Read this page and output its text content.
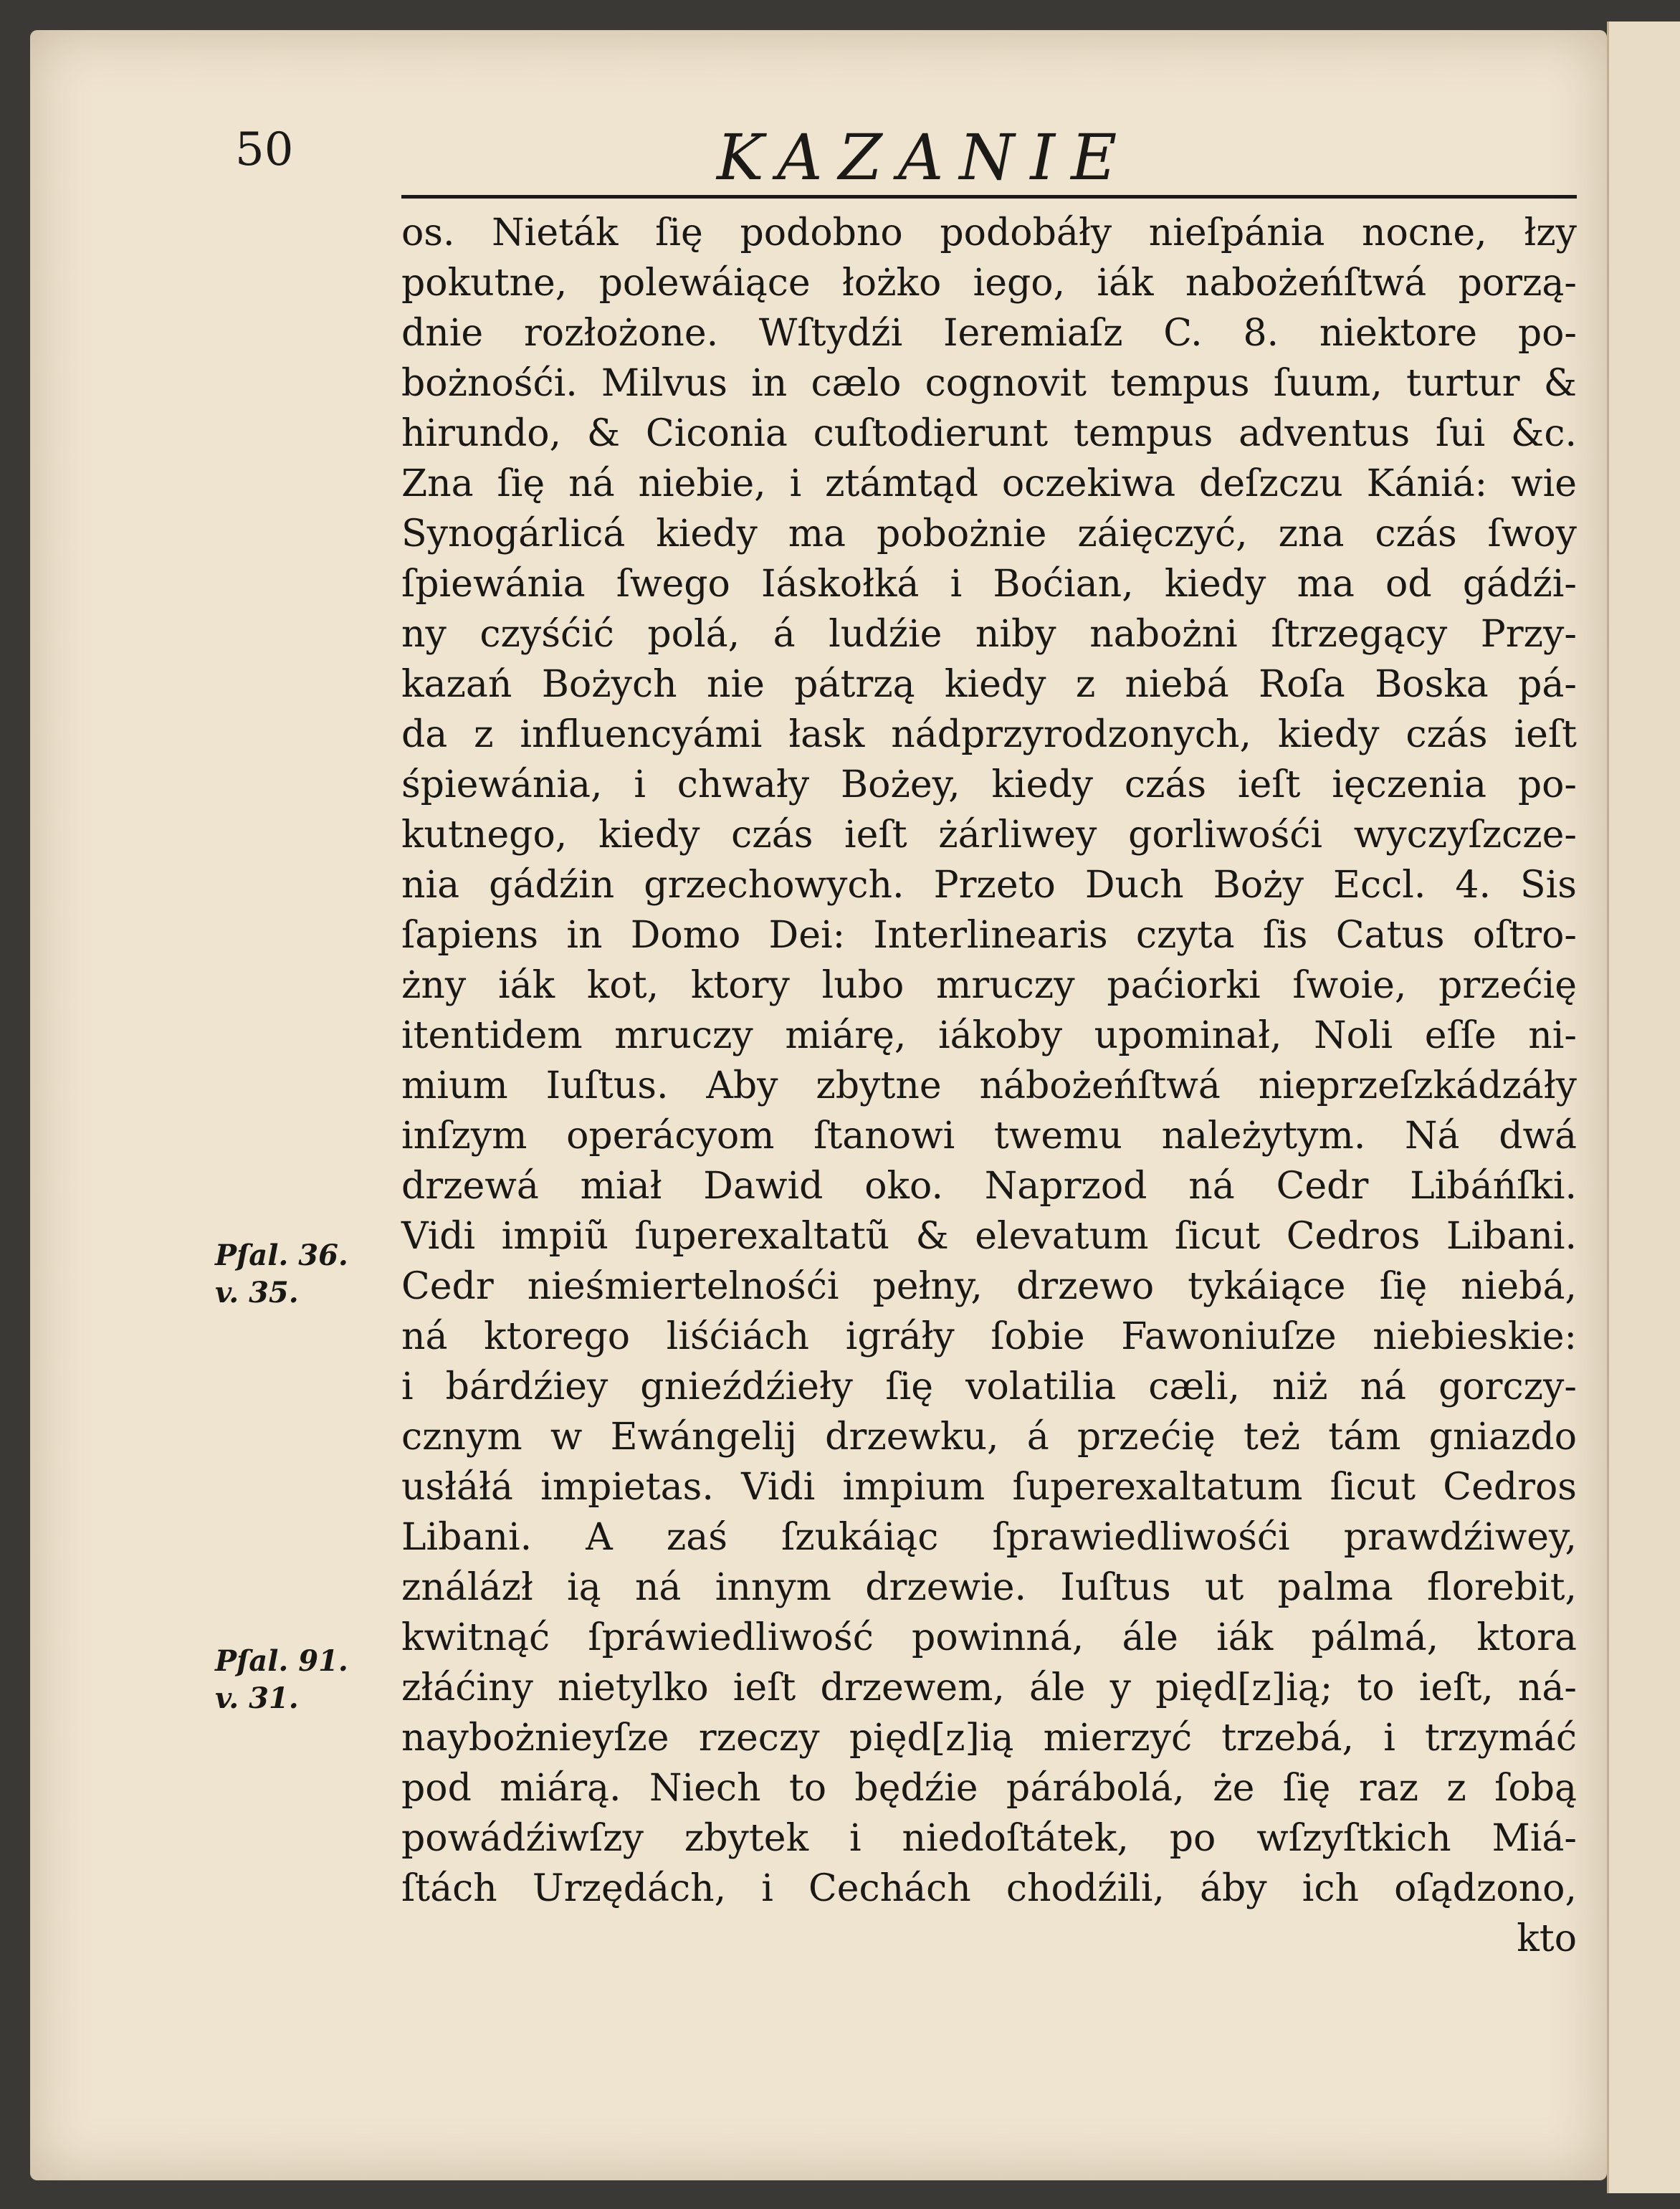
50	KAZANIE

os. Nieták ſię podobno podobáły nieſpánia nocne, łzy

pokutne, polewáiące łożko iego, iák nabożeńſtwá porzą-

dnie rozłożone. Wſtydźi Ieremiaſz C. 8. niektore po-

bożnośći. Milvus in cælo cognovit tempus ſuum, turtur &

hirundo, & Ciconia cuſtodierunt tempus adventus ſui &c.

Zna ſię ná niebie, i ztámtąd oczekiwa deſzczu Kániá: wie

Synogárlicá kiedy ma pobożnie záięczyć, zna czás ſwoy

ſpiewánia ſwego Iáskołká i Boćian, kiedy ma od gádźi-

ny czyśćić polá, á ludźie niby nabożni ſtrzegący Przy-

kazań Bożych nie pátrzą kiedy z niebá Roſa Boska pá-

da z influencyámi łask nádprzyrodzonych, kiedy czás ieſt

śpiewánia, i chwały Bożey, kiedy czás ieſt ięczenia po-

kutnego, kiedy czás ieſt żárliwey gorliwośći wyczyſzcze-

nia gádźin grzechowych. Przeto Duch Boży Eccl. 4. Sis

ſapiens in Domo Dei: Interlinearis czyta ſis Catus oſtro-

żny iák kot, ktory lubo mruczy paćiorki ſwoie, przećię

itentidem mruczy miárę, iákoby upominał, Noli eſſe ni-

mium Iuſtus. Aby zbytne nábożeńſtwá nieprzeſzkádzáły

inſzym operácyom ſtanowi twemu należytym. Ná dwá

drzewá miał Dawid oko. Naprzod ná Cedr Libáńſki.

Vidi impiũ ſuperexaltatũ & elevatum ſicut Cedros Libani.

Cedr nieśmiertelnośći pełny, drzewo tykáiące ſię niebá,

ná ktorego liśćiách igráły ſobie Fawoniuſze niebieskie:

i bárdźiey gnieźdźiełу ſię volatilia cæli, niż ná gorczy-

cznym w Ewángelij drzewku, á przećię też tám gniazdo

usłáłá impietas. Vidi impium ſuperexaltatum ſicut Cedros

Libani. A zaś ſzukáiąc ſprawiedliwośći prawdźiwey,

ználázł ią ná innym drzewie. Iuſtus ut palma florebit,

kwitnąć ſpráwiedliwość powinná, ále iák pálmá, ktora

złáćiny nietylko ieſt drzewem, ále y pięd[z]ią; to ieſt, ná-

naybożnieyſze rzeczy pięd[z]ią mierzyć trzebá, i trzymáć

pod miárą. Niech to będźie párábolá, że ſię raz z ſobą

powádźiwſzy zbytek i niedoſtátek, po wſzyſtkich Miá-

ſtách Urzędách, i Cechách chodźili, áby ich oſądzono,

kto

Pſal. 36.
v. 35.
Pſal. 91.
v. 31.
